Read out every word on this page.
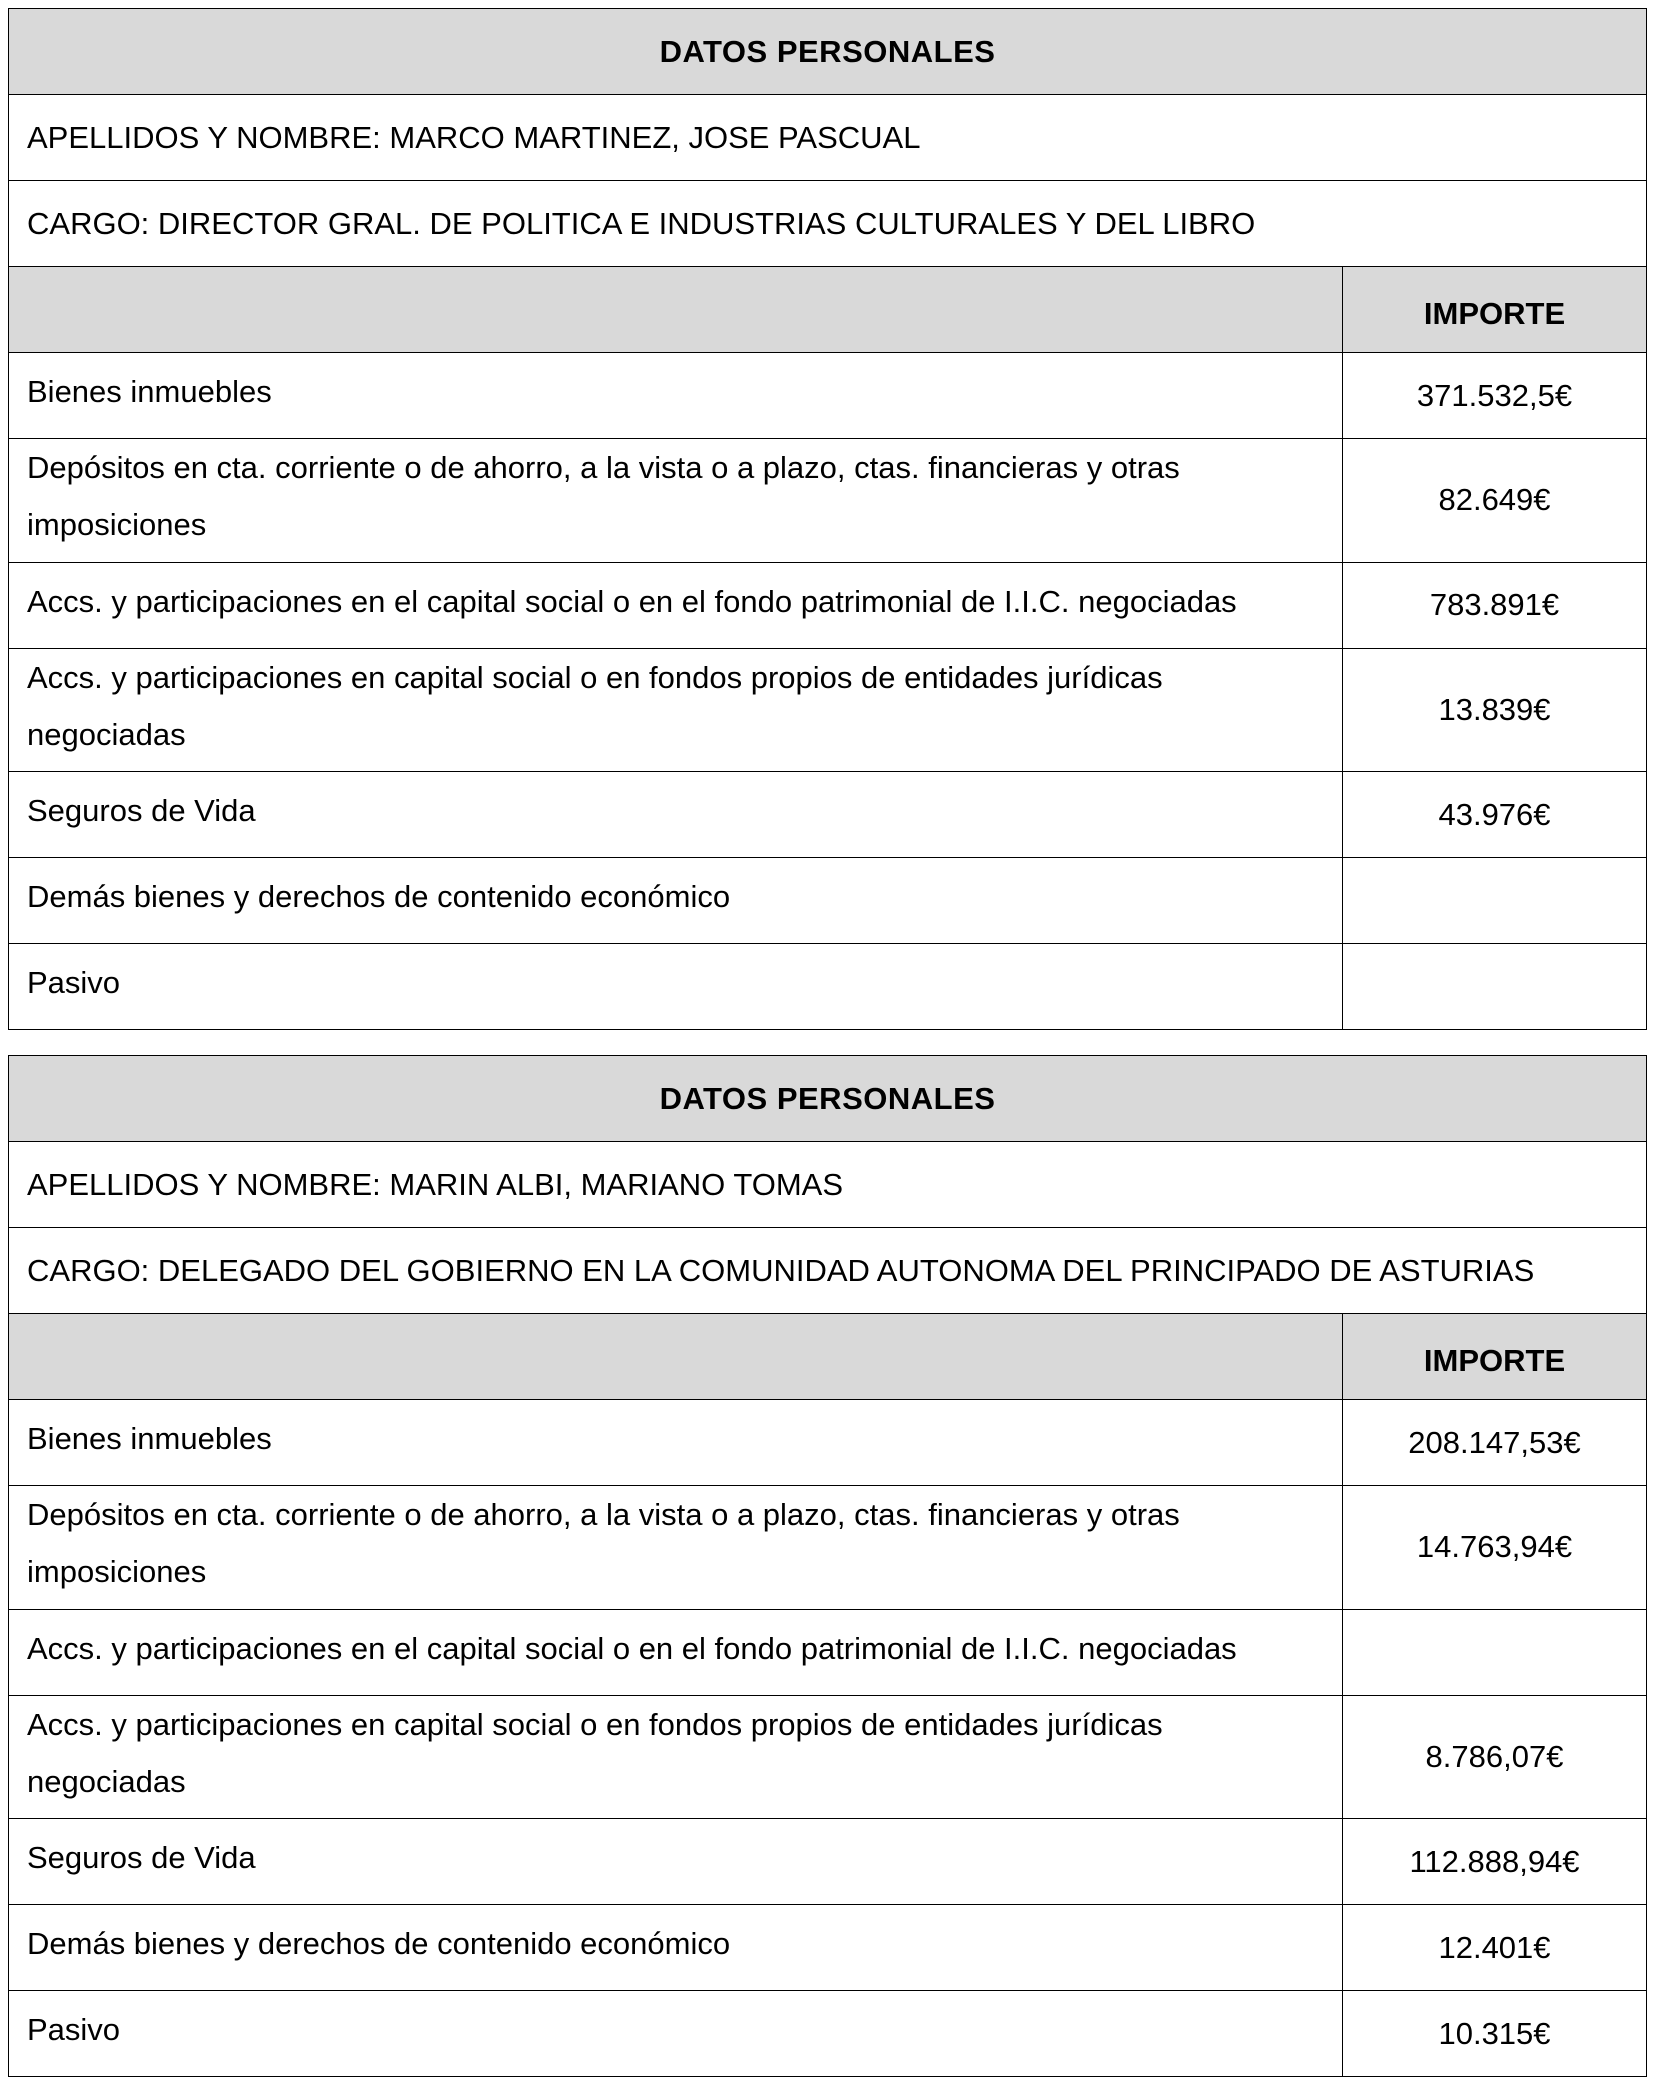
DATOS PERSONALES	
APELLIDOS Y NOMBRE: MARCO MARTINEZ, JOSE PASCUAL	
CARGO: DIRECTOR GRAL. DE POLITICA E INDUSTRIAS CULTURALES Y DEL LIBRO	
	IMPORTE
Bienes inmuebles	371.532,5€
Depósitos en cta. corriente o de ahorro, a la vista o a plazo, ctas. financieras y otras imposiciones	82.649€
Accs. y participaciones en el capital social o en el fondo patrimonial de I.I.C. negociadas	783.891€
Accs. y participaciones en capital social o en fondos propios de entidades jurídicas negociadas	13.839€
Seguros de Vida	43.976€
Demás bienes y derechos de contenido económico	
Pasivo	
DATOS PERSONALES	
APELLIDOS Y NOMBRE: MARIN ALBI, MARIANO TOMAS	
CARGO: DELEGADO DEL GOBIERNO EN LA COMUNIDAD AUTONOMA DEL PRINCIPADO DE ASTURIAS	
	IMPORTE
Bienes inmuebles	208.147,53€
Depósitos en cta. corriente o de ahorro, a la vista o a plazo, ctas. financieras y otras imposiciones	14.763,94€
Accs. y participaciones en el capital social o en el fondo patrimonial de I.I.C. negociadas	
Accs. y participaciones en capital social o en fondos propios de entidades jurídicas negociadas	8.786,07€
Seguros de Vida	112.888,94€
Demás bienes y derechos de contenido económico	12.401€
Pasivo	10.315€
